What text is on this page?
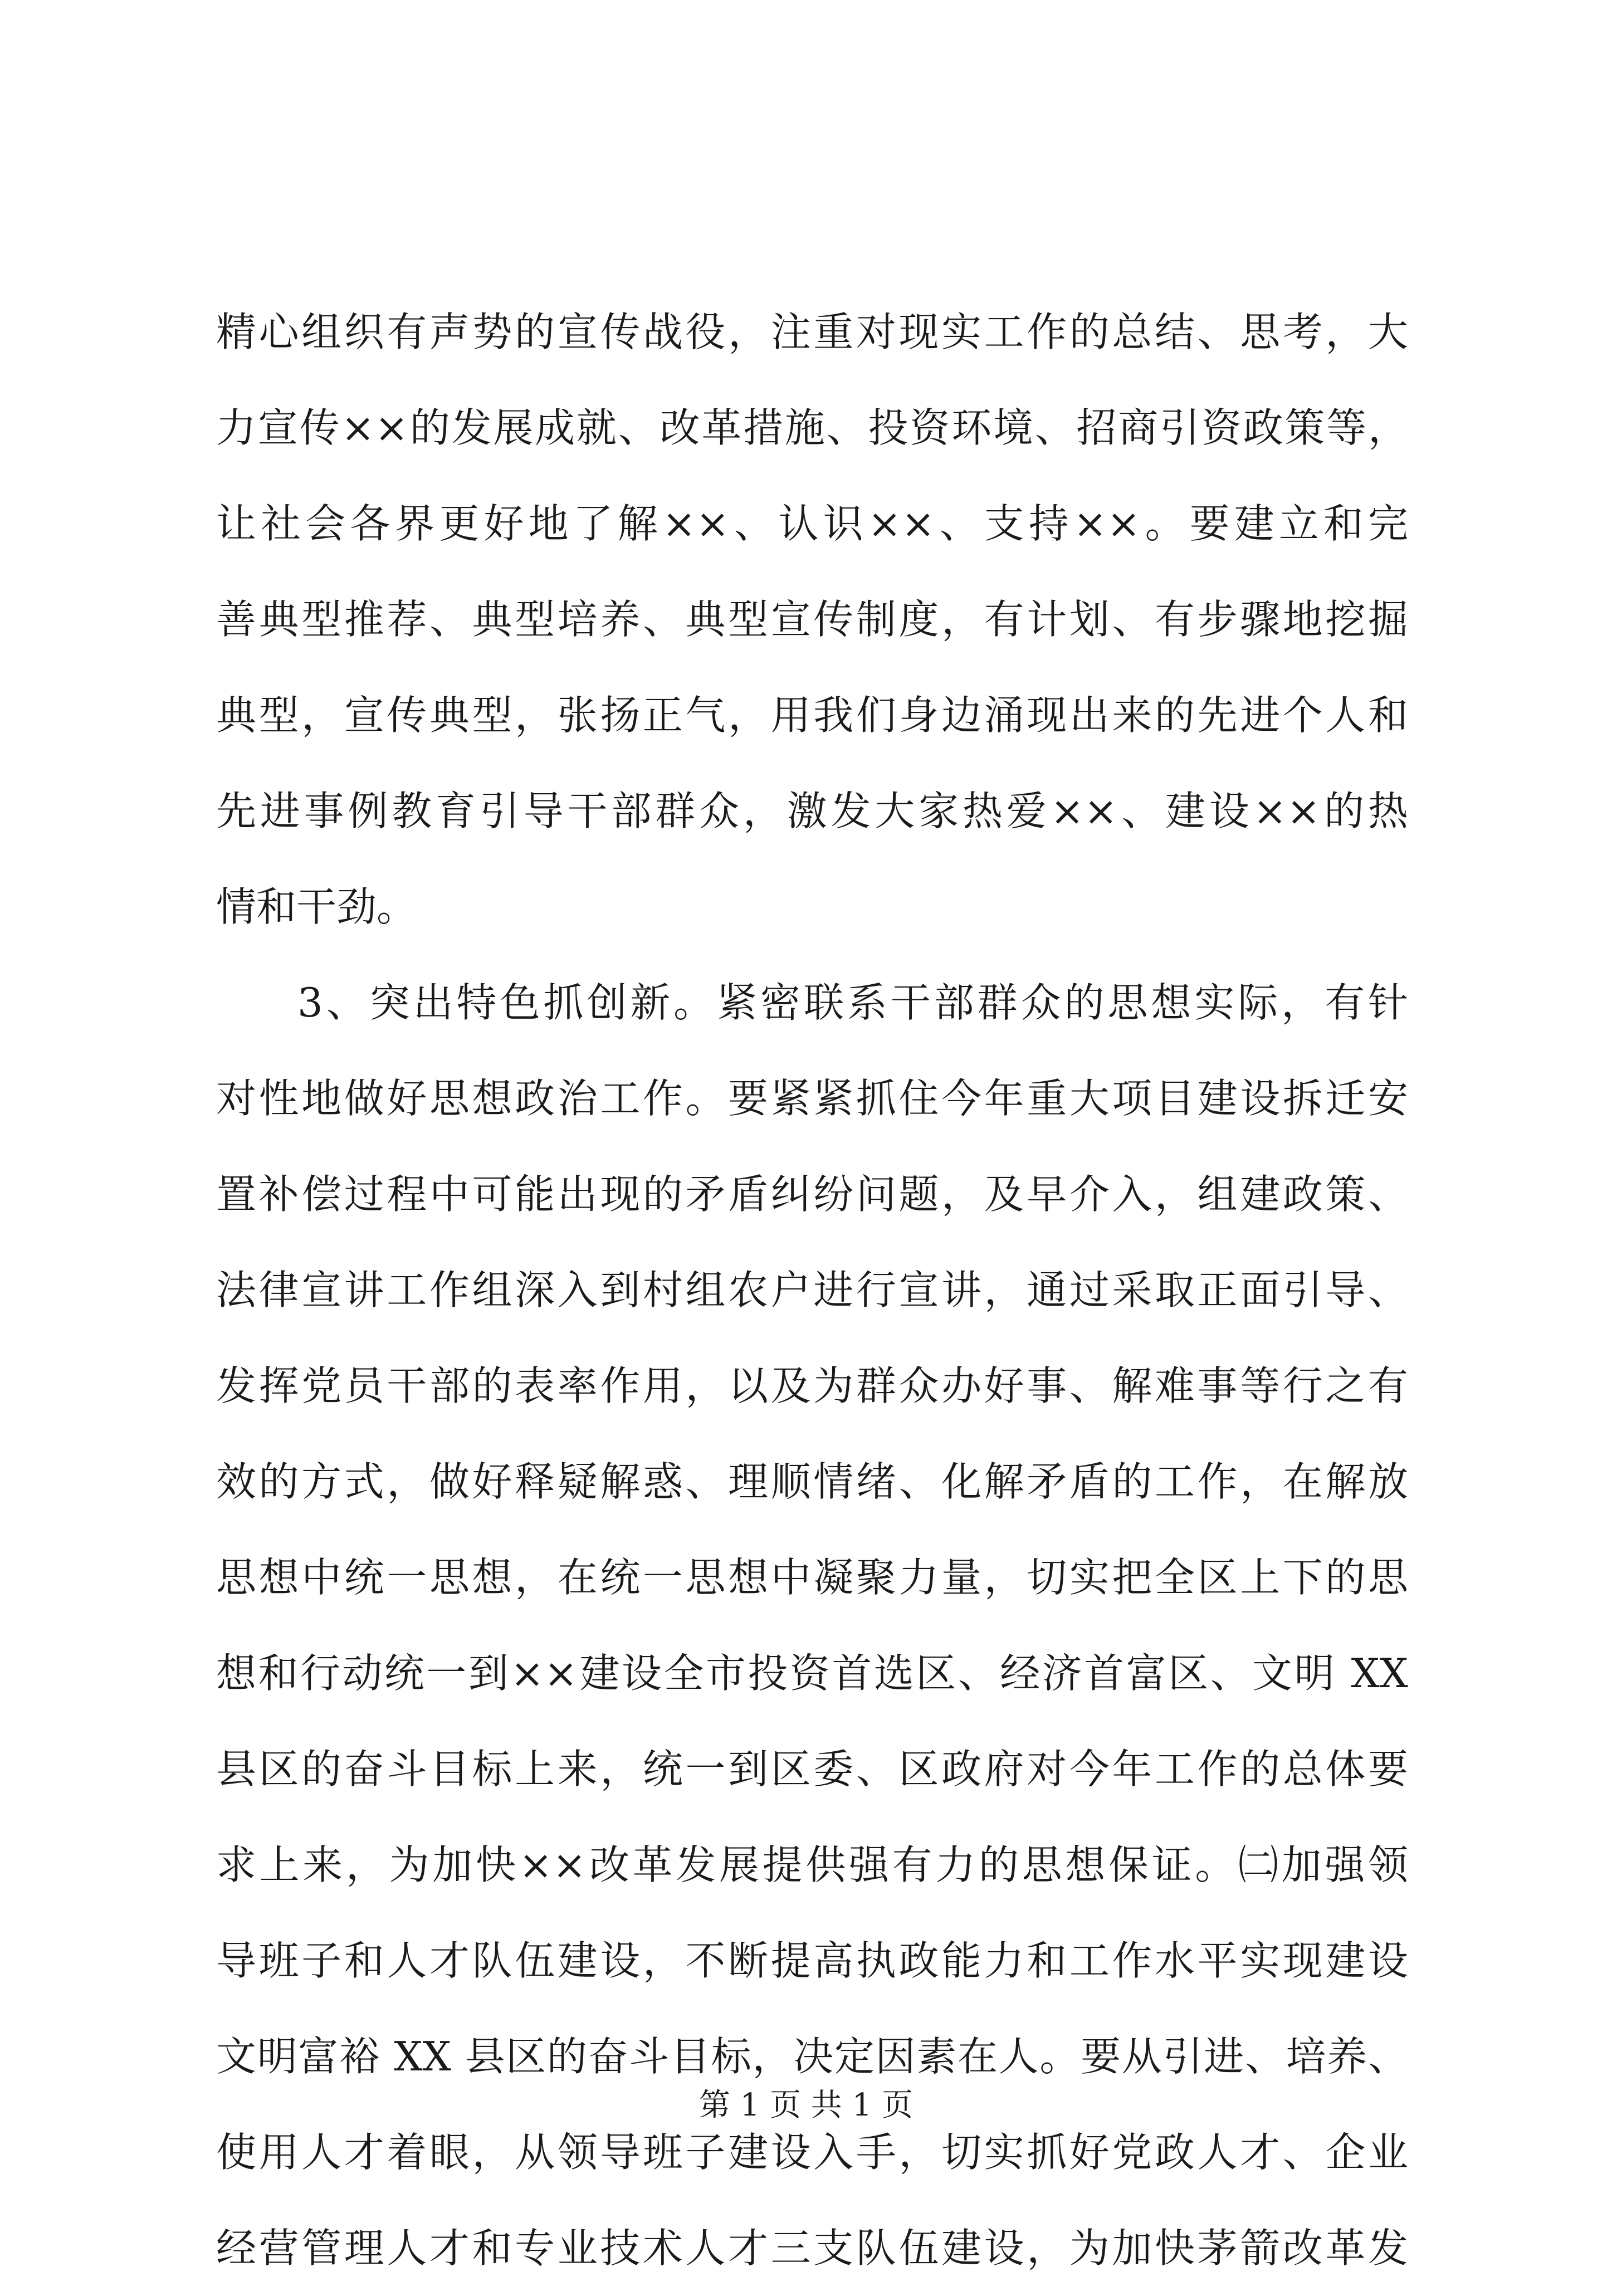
精心组织有声势的宣传战役，注重对现实工作的总结、思考，大
力宣传××的发展成就、改革措施、投资环境、招商引资政策等，
让社会各界更好地了解××、认识××、支持××。要建立和完
善典型推荐、典型培养、典型宣传制度，有计划、有步骤地挖掘
典型，宣传典型，张扬正气，用我们身边涌现出来的先进个人和
先进事例教育引导干部群众，激发大家热爱××、建设××的热
情和干劲。
3、突出特色抓创新。紧密联系干部群众的思想实际，有针
对性地做好思想政治工作。要紧紧抓住今年重大项目建设拆迁安
置补偿过程中可能出现的矛盾纠纷问题，及早介入，组建政策、
法律宣讲工作组深入到村组农户进行宣讲，通过采取正面引导、
发挥党员干部的表率作用，以及为群众办好事、解难事等行之有
效的方式，做好释疑解惑、理顺情绪、化解矛盾的工作，在解放
思想中统一思想，在统一思想中凝聚力量，切实把全区上下的思
想和行动统一到××建设全市投资首选区、经济首富区、文明 XX
县区的奋斗目标上来，统一到区委、区政府对今年工作的总体要
求上来，为加快××改革发展提供强有力的思想保证。㈡加强领
导班子和人才队伍建设，不断提高执政能力和工作水平实现建设
文明富裕 XX 县区的奋斗目标，决定因素在人。要从引进、培养、
使用人才着眼，从领导班子建设入手，切实抓好党政人才、企业
经营管理人才和专业技术人才三支队伍建设，为加快茅箭改革发
第 1 页 共 1 页
